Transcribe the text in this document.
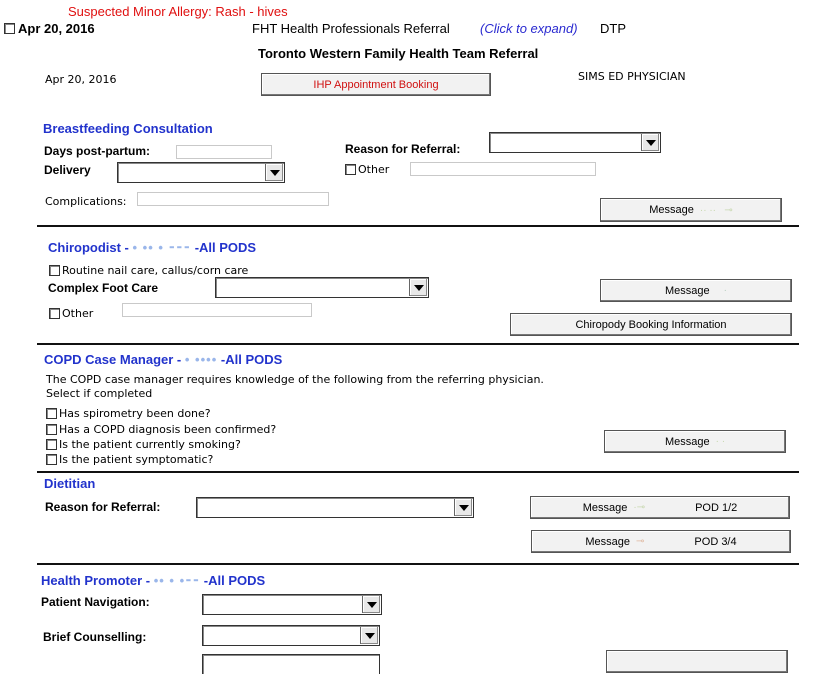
Suspected Minor Allergy: Rash - hives
Apr 20, 2016	FHT Health Professionals Referral (Click to expand) DTP
Toronto Western Family Health Team Referral
Apr 20, 2016	IHP Appointment Booking
SIMS ED PHYSICIAN
Breastfeeding Consultation
Days post-partum:	Reason for Referral:
Delivery	Other
Complications:
Message ·· ··   ⊸
Chiropodist - • •• • ⁃⁃⁃ -All PODS
Routine nail care, callus/corn care
Complex Foot Care	Message ·
Other
Chiropody Booking Information
COPD Case Manager - • •••• -All PODS
The COPD case manager requires knowledge of the following from the referring physician.
Select if completed
Has spirometry been done?
Has a COPD diagnosis been confirmed?
Is the patient currently smoking?
Is the patient symptomatic?
Message · ·
Dietitian
Reason for Referral:	Message ·⊸	POD 1/2
Message ⊸	POD 3/4
Health Promoter - •• • •⁃⁃ -All PODS
Patient Navigation:
Brief Counselling:
